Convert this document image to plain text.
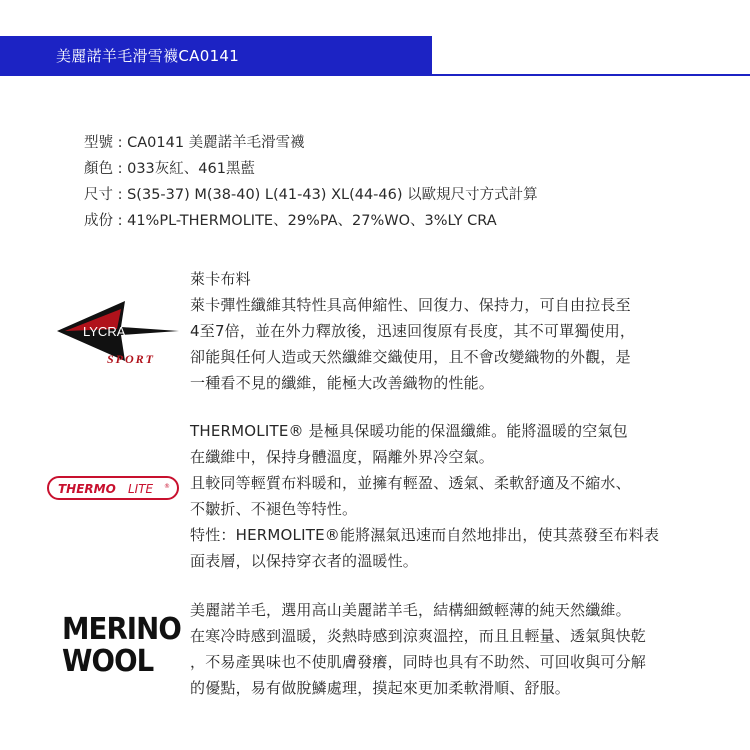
美麗諾羊毛滑雪襪CA0141
型號 : CA0141 美麗諾羊毛滑雪襪
顏色 : 033灰紅、461黑藍
尺寸 : S(35-37) M(38-40) L(41-43) XL(44-46) 以歐規尺寸方式計算
成份 : 41%PL-THERMOLITE、29%PA、27%WO、3%LY CRA
LYCRA
SPORT
萊卡布料
萊卡彈性纖維其特性具高伸縮性、回復力、保持力，可自由拉長至
4至7倍，並在外力釋放後，迅速回復原有長度，其不可單獨使用，
卻能與任何人造或天然纖維交織使用，且不會改變織物的外觀，是
一種看不見的纖維，能極大改善織物的性能。
THERMO LITE ®
THERMOLITE® 是極具保暖功能的保溫纖維。能將溫暖的空氣包
在纖維中，保持身體溫度，隔離外界冷空氣。
且較同等輕質布料暖和，並擁有輕盈、透氣、柔軟舒適及不縮水、
不皺折、不褪色等特性。
特性：HERMOLITE®能將濕氣迅速而自然地排出，使其蒸發至布料表
面表層，以保持穿衣者的溫暖性。
MERINO
WOOL
美麗諾羊毛，選用高山美麗諾羊毛，結構細緻輕薄的純天然纖維。
在寒冷時感到溫暖，炎熱時感到涼爽溫控，而且且輕量、透氣與快乾
，不易產異味也不使肌膚發癢，同時也具有不助然、可回收與可分解
的優點，易有做脫鱗處理，摸起來更加柔軟滑順、舒服。
